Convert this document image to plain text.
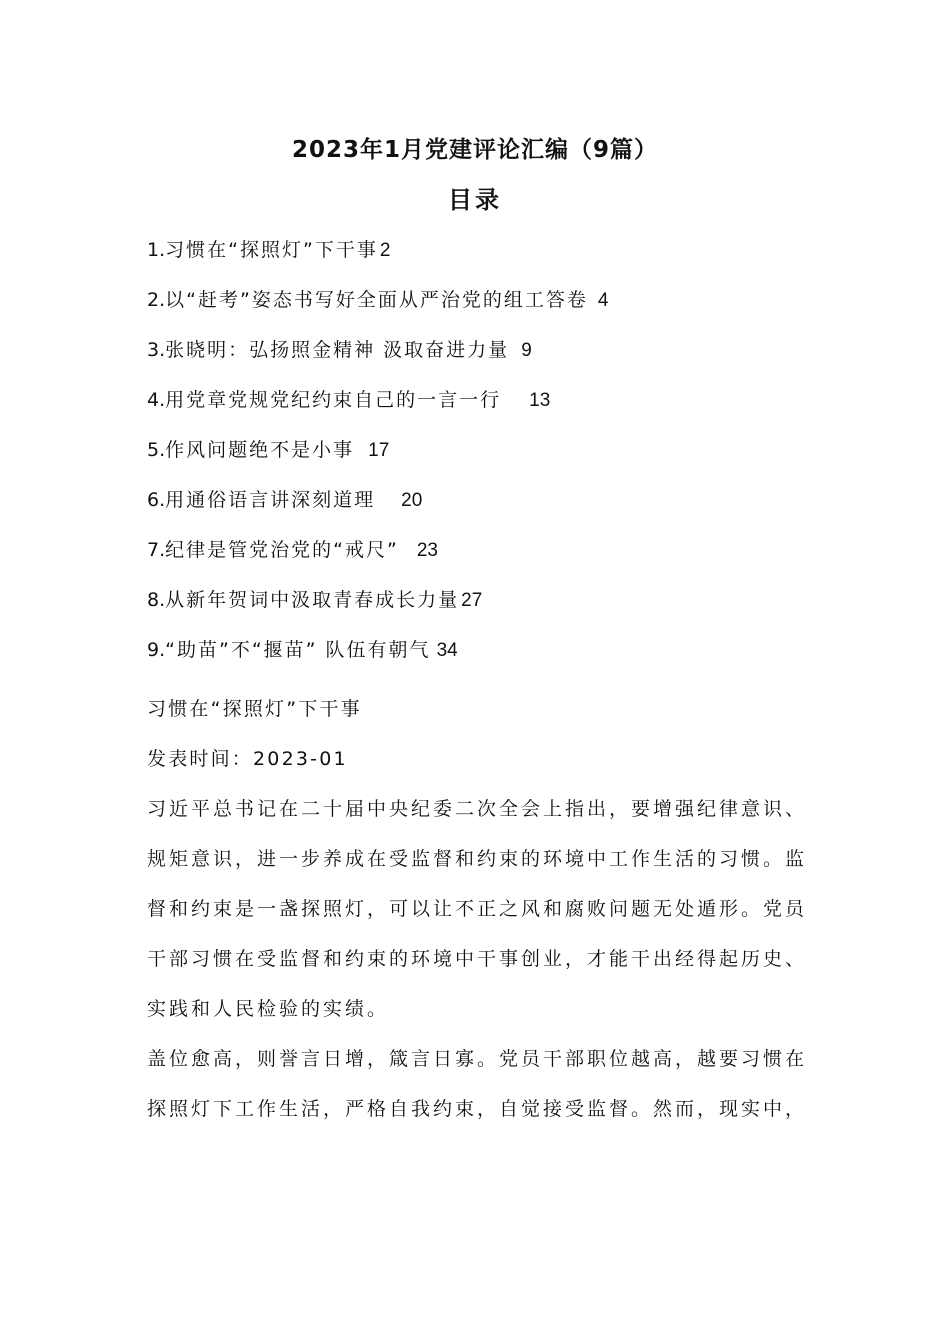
2023年1月党建评论汇编（9篇）
目录
1.习惯在“探照灯”下干事 2
2.以“赶考”姿态书写好全面从严治党的组工答卷 4
3.张晓明：弘扬照金精神 汲取奋进力量 9
4.用党章党规党纪约束自己的一言一行 13
5.作风问题绝不是小事 17
6.用通俗语言讲深刻道理 20
7.纪律是管党治党的“戒尺” 23
8.从新年贺词中汲取青春成长力量 27
9.“助苗”不“揠苗” 队伍有朝气 34
习惯在“探照灯”下干事
发表时间：2023-01

习近平总书记在二十届中央纪委二次全会上指出，要增强纪律意识、规矩意识，进一步养成在受监督和约束的环境中工作生活的习惯。监督和约束是一盏探照灯，可以让不正之风和腐败问题无处遁形。党员干部习惯在受监督和约束的环境中干事创业，才能干出经得起历史、实践和人民检验的实绩。

盖位愈高，则誉言日增，箴言日寡。党员干部职位越高，越要习惯在探照灯下工作生活，严格自我约束，自觉接受监督。然而，现实中，
